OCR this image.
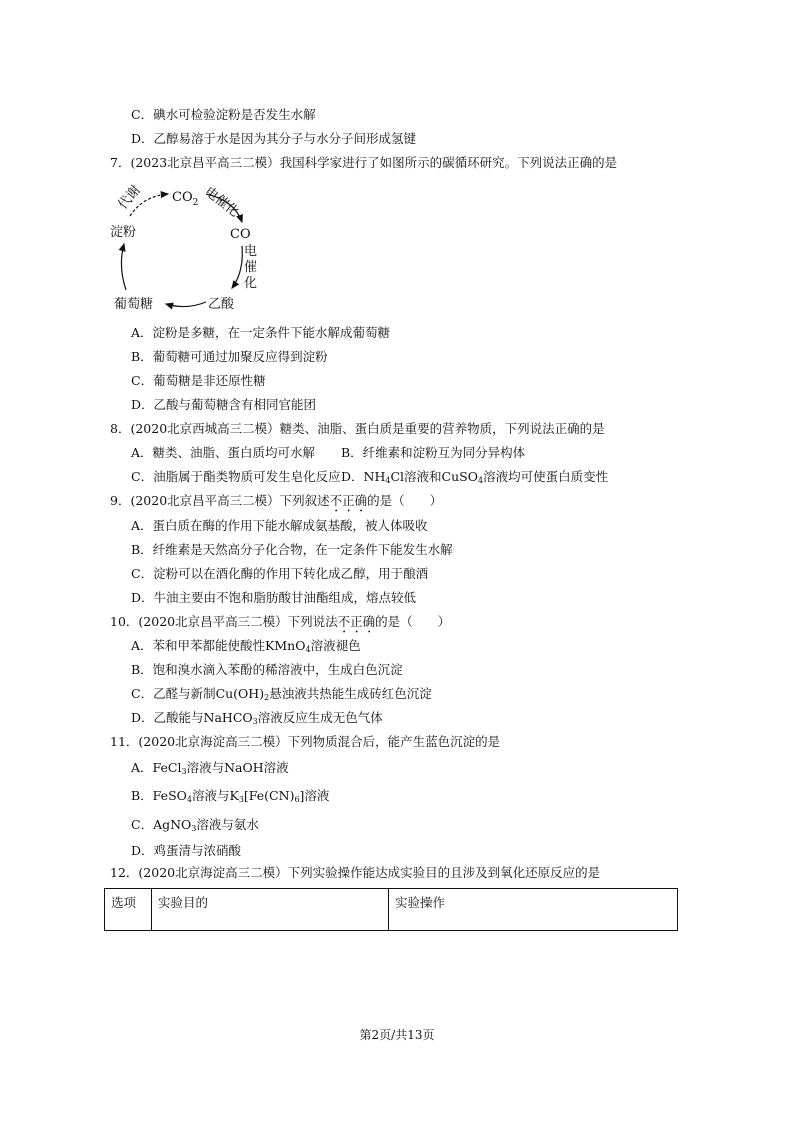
C．碘水可检验淀粉是否发生水解
D．乙醇易溶于水是因为其分子与水分子间形成氢键
7．(2023北京昌平高三二模）我国科学家进行了如图所示的碳循环研究。下列说法正确的是
$CO_2$ 电催化
CO
电
催
化
乙酸
葡萄糖
淀粉
代谢
A．淀粉是多糖，在一定条件下能水解成葡萄糖
B．葡萄糖可通过加聚反应得到淀粉
C．葡萄糖是非还原性糖
D．乙酸与葡萄糖含有相同官能团
8．(2020北京西城高三二模）糖类、油脂、蛋白质是重要的营养物质，下列说法正确的是
A．糖类、油脂、蛋白质均可水解 B．纤维素和淀粉互为同分异构体
C．油脂属于酯类物质可发生皂化反应 D．$NH_4Cl$溶液和CuSO$_4$溶液均可使蛋白质变性
9．(2020北京昌平高三二模）下列叙述不正确的是（　　）
A．蛋白质在酶的作用下能水解成氨基酸，被人体吸收
B．纤维素是天然高分子化合物，在一定条件下能发生水解
C．淀粉可以在酒化酶的作用下转化成乙醇，用于酿酒
D．牛油主要由不饱和脂肪酸甘油酯组成，熔点较低
10．(2020北京昌平高三二模）下列说法不正确的是（　　）
A．苯和甲苯都能使酸性KMnO$_4$溶液褪色
B．饱和溴水滴入苯酚的稀溶液中，生成白色沉淀
C．乙醛与新制$Cu(OH)_2$悬浊液共热能生成砖红色沉淀
D．乙酸能与NaHCO$_3$溶液反应生成无色气体
11．(2020北京海淀高三二模）下列物质混合后，能产生蓝色沉淀的是
A．FeCl$_3$溶液与NaOH溶液
B．FeSO$_4$溶液与$K_3[Fe(CN)_6]$溶液
C．AgNO$_3$溶液与氨水
D．鸡蛋清与浓硝酸
12．(2020北京海淀高三二模）下列实验操作能达成实验目的且涉及到氧化还原反应的是
选项	实验目的	实验操作
第2页/共13页
